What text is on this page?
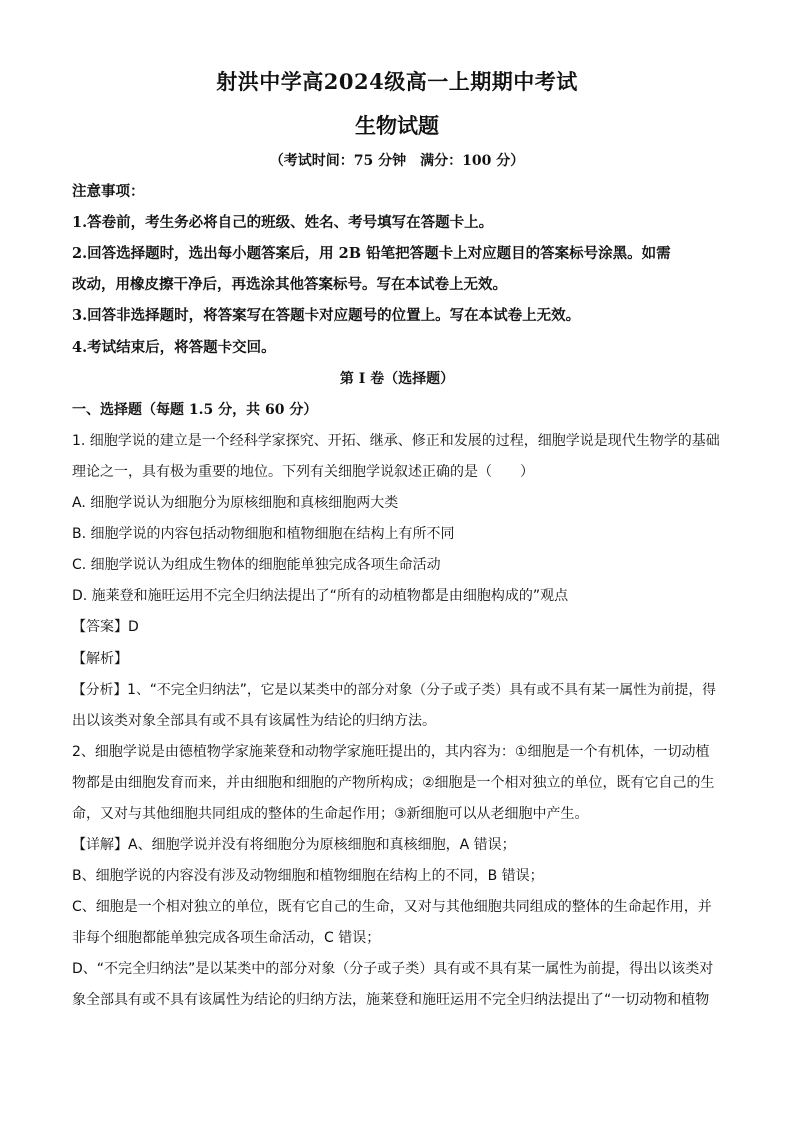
射洪中学高2024级高一上期期中考试
生物试题
（考试时间：75 分钟　满分：100 分）
注意事项：
1.答卷前，考生务必将自己的班级、姓名、考号填写在答题卡上。
2.回答选择题时，选出每小题答案后，用 2B 铅笔把答题卡上对应题目的答案标号涂黑。如需
改动，用橡皮擦干净后，再选涂其他答案标号。写在本试卷上无效。
3.回答非选择题时，将答案写在答题卡对应题号的位置上。写在本试卷上无效。
4.考试结束后，将答题卡交回。
第 I 卷（选择题）
一、选择题（每题 1.5 分，共 60 分）
1. 细胞学说的建立是一个经科学家探究、开拓、继承、修正和发展的过程，细胞学说是现代生物学的基础
理论之一，具有极为重要的地位。下列有关细胞学说叙述正确的是（　　）
A. 细胞学说认为细胞分为原核细胞和真核细胞两大类
B. 细胞学说的内容包括动物细胞和植物细胞在结构上有所不同
C. 细胞学说认为组成生物体的细胞能单独完成各项生命活动
D. 施莱登和施旺运用不完全归纳法提出了“所有的动植物都是由细胞构成的”观点
【答案】D
【解析】
【分析】1、“不完全归纳法”，它是以某类中的部分对象（分子或子类）具有或不具有某一属性为前提，得
出以该类对象全部具有或不具有该属性为结论的归纳方法。
2、细胞学说是由德植物学家施莱登和动物学家施旺提出的，其内容为：①细胞是一个有机体，一切动植
物都是由细胞发育而来，并由细胞和细胞的产物所构成；②细胞是一个相对独立的单位，既有它自己的生
命，又对与其他细胞共同组成的整体的生命起作用；③新细胞可以从老细胞中产生。
【详解】A、细胞学说并没有将细胞分为原核细胞和真核细胞，A 错误；
B、细胞学说的内容没有涉及动物细胞和植物细胞在结构上的不同，B 错误；
C、细胞是一个相对独立的单位，既有它自己的生命，又对与其他细胞共同组成的整体的生命起作用，并
非每个细胞都能单独完成各项生命活动，C 错误；
D、“不完全归纳法”是以某类中的部分对象（分子或子类）具有或不具有某一属性为前提，得出以该类对
象全部具有或不具有该属性为结论的归纳方法，施莱登和施旺运用不完全归纳法提出了“一切动物和植物
